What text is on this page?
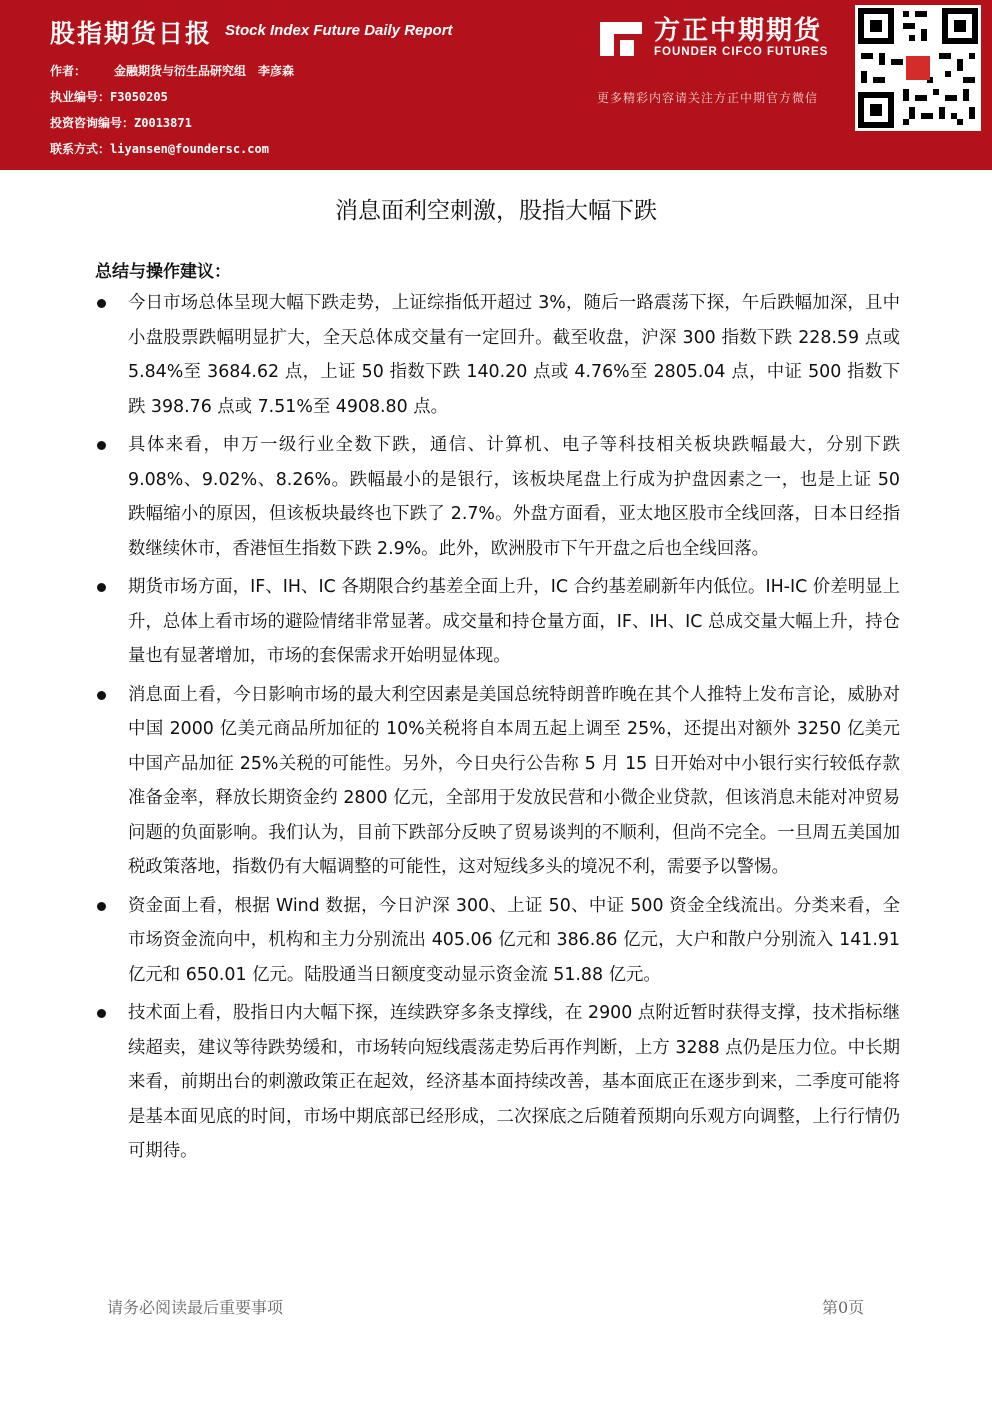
股指期货日报 Stock Index Future Daily Report
作者： 金融期货与衍生品研究组　李彦森
执业编号：F3050205
投资咨询编号：Z0013871
联系方式：liyansen@foundersc.com
方正中期期货
FOUNDER CIFCO FUTURES
更多精彩内容请关注方正中期官方微信
消息面利空刺激，股指大幅下跌
总结与操作建议：
今日市场总体呈现大幅下跌走势，上证综指低开超过 3%，随后一路震荡下探，午后跌幅加深，且中小盘股票跌幅明显扩大，全天总体成交量有一定回升。截至收盘，沪深 300 指数下跌 228.59 点或 5.84%至 3684.62 点，上证 50 指数下跌 140.20 点或 4.76%至 2805.04 点，中证 500 指数下跌 398.76 点或 7.51%至 4908.80 点。
具体来看，申万一级行业全数下跌，通信、计算机、电子等科技相关板块跌幅最大，分别下跌 9.08%、9.02%、8.26%。跌幅最小的是银行，该板块尾盘上行成为护盘因素之一，也是上证 50 跌幅缩小的原因，但该板块最终也下跌了 2.7%。外盘方面看，亚太地区股市全线回落，日本日经指数继续休市，香港恒生指数下跌 2.9%。此外，欧洲股市下午开盘之后也全线回落。
期货市场方面，IF、IH、IC 各期限合约基差全面上升，IC 合约基差刷新年内低位。IH-IC 价差明显上升，总体上看市场的避险情绪非常显著。成交量和持仓量方面，IF、IH、IC 总成交量大幅上升，持仓量也有显著增加，市场的套保需求开始明显体现。
消息面上看，今日影响市场的最大利空因素是美国总统特朗普昨晚在其个人推特上发布言论，威胁对中国 2000 亿美元商品所加征的 10%关税将自本周五起上调至 25%，还提出对额外 3250 亿美元中国产品加征 25%关税的可能性。另外，今日央行公告称 5 月 15 日开始对中小银行实行较低存款准备金率，释放长期资金约 2800 亿元，全部用于发放民营和小微企业贷款，但该消息未能对冲贸易问题的负面影响。我们认为，目前下跌部分反映了贸易谈判的不顺利，但尚不完全。一旦周五美国加税政策落地，指数仍有大幅调整的可能性，这对短线多头的境况不利，需要予以警惕。
资金面上看，根据 Wind 数据，今日沪深 300、上证 50、中证 500 资金全线流出。分类来看，全市场资金流向中，机构和主力分别流出 405.06 亿元和 386.86 亿元，大户和散户分别流入 141.91 亿元和 650.01 亿元。陆股通当日额度变动显示资金流 51.88 亿元。
技术面上看，股指日内大幅下探，连续跌穿多条支撑线，在 2900 点附近暂时获得支撑，技术指标继续超卖，建议等待跌势缓和，市场转向短线震荡走势后再作判断，上方 3288 点仍是压力位。中长期来看，前期出台的刺激政策正在起效，经济基本面持续改善，基本面底正在逐步到来，二季度可能将是基本面见底的时间，市场中期底部已经形成，二次探底之后随着预期向乐观方向调整，上行行情仍可期待。
请务必阅读最后重要事项	第0页
